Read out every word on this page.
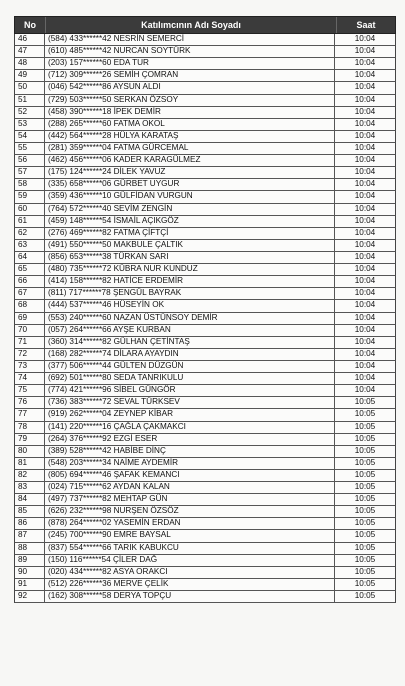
No	Katılımcının Adı Soyadı	Saat
46	(584) 433******42 NESRİN SEMERCİ	10:04
47	(610) 485******42 NURCAN SOYTÜRK	10:04
48	(203) 157******60 EDA TUR	10:04
49	(712) 309******26 SEMİH ÇOMRAN	10:04
50	(046) 542******86 AYSUN ALDI	10:04
51	(729) 503******50 SERKAN ÖZSOY	10:04
52	(458) 390******18 İPEK DEMİR	10:04
53	(288) 265******60 FATMA OKOL	10:04
54	(442) 564******28 HÜLYA KARATAŞ	10:04
55	(281) 359******04 FATMA GÜRCEMAL	10:04
56	(462) 456******06 KADER KARAGÜLMEZ	10:04
57	(175) 124******24 DİLEK YAVUZ	10:04
58	(335) 658******06 GÜRBET UYGUR	10:04
59	(359) 436******10 GÜLFİDAN VURGUN	10:04
60	(764) 572******40 SEVİM ZENGİN	10:04
61	(459) 148******54 İSMAİL AÇIKGÖZ	10:04
62	(276) 469******82 FATMA ÇİFTÇİ	10:04
63	(491) 550******50 MAKBULE ÇALTIK	10:04
64	(856) 653******38 TÜRKAN SARI	10:04
65	(480) 735******72 KÜBRA NUR KUNDUZ	10:04
66	(414) 158******82 HATİCE ERDEMİR	10:04
67	(811) 717******78 ŞENGÜL BAYRAK	10:04
68	(444) 537******46 HÜSEYİN OK	10:04
69	(553) 240******60 NAZAN ÜSTÜNSOY DEMİR	10:04
70	(057) 264******66 AYŞE KURBAN	10:04
71	(360) 314******82 GÜLHAN ÇETİNTAŞ	10:04
72	(168) 282******74 DİLARA AYAYDIN	10:04
73	(377) 506******44 GÜLTEN DÜZGÜN	10:04
74	(692) 501******80 SEDA TANRIKULU	10:04
75	(774) 421******96 SİBEL GÜNGÖR	10:04
76	(736) 383******72 SEVAL TÜRKSEV	10:05
77	(919) 262******04 ZEYNEP KİBAR	10:05
78	(141) 220******16 ÇAĞLA ÇAKMAKCI	10:05
79	(264) 376******92 EZGİ ESER	10:05
80	(389) 528******42 HABİBE DİNÇ	10:05
81	(548) 203******34 NAİME AYDEMİR	10:05
82	(805) 694******46 ŞAFAK KEMANCI	10:05
83	(024) 715******62 AYDAN KALAN	10:05
84	(497) 737******82 MEHTAP GÜN	10:05
85	(626) 232******98 NURŞEN ÖZSÖZ	10:05
86	(878) 264******02 YASEMİN ERDAN	10:05
87	(245) 700******90 EMRE BAYSAL	10:05
88	(837) 554******66 TARIK KABUKCU	10:05
89	(150) 116******54 ÇİLER DAĞ	10:05
90	(020) 434******82 ASYA ORAKCI	10:05
91	(512) 226******36 MERVE ÇELİK	10:05
92	(162) 308******58 DERYA TOPÇU	10:05
